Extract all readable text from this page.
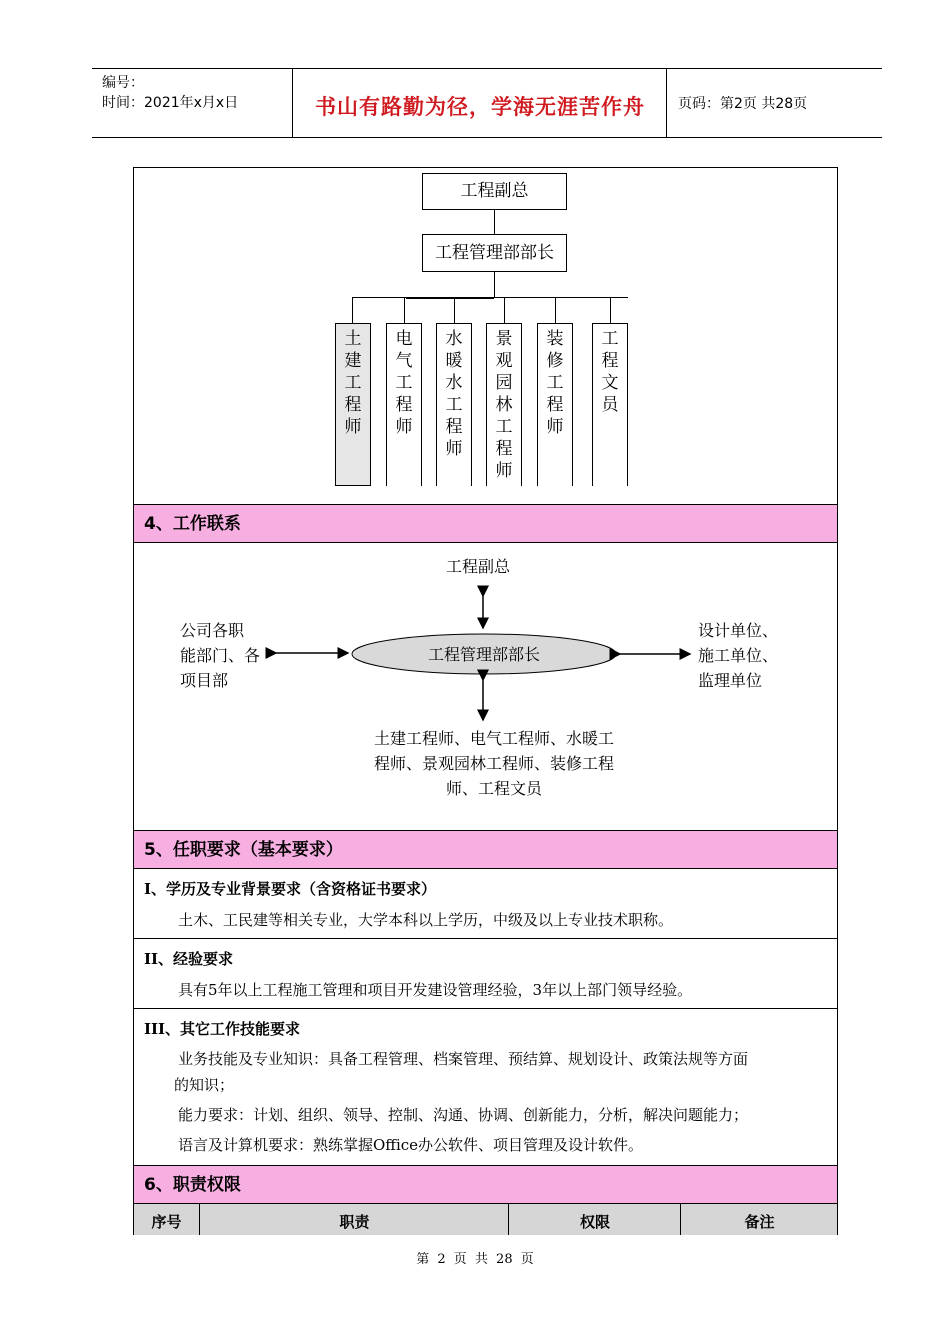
编号：
时间：2021年x月x日	书山有路勤为径，学海无涯苦作舟	页码：第2页 共28页
工程副总
工程管理部部长
土
建
工
程
师
电
气
工
程
师
水
暖
水
工
程
师
景
观
园
林
工
程
师
装
修
工
程
师
工
程
文
员
4、工作联系
工程副总
公司各职
能部门、各
项目部
设计单位、
施工单位、
监理单位
土建工程师、电气工程师、水暖工
程师、景观园林工程师、装修工程
师、工程文员
工程管理部部长
5、任职要求（基本要求）
I、学历及专业背景要求（含资格证书要求）
土木、工民建等相关专业，大学本科以上学历，中级及以上专业技术职称。
II、经验要求
具有5年以上工程施工管理和项目开发建设管理经验，3年以上部门领导经验。
III、其它工作技能要求
业务技能及专业知识：具备工程管理、档案管理、预结算、规划设计、政策法规等方面
的知识；
能力要求：计划、组织、领导、控制、沟通、协调、创新能力，分析，解决问题能力；
语言及计算机要求：熟练掌握Office办公软件、项目管理及设计软件。
6、职责权限
序号	职责	权限	备注
第 2 页 共 28 页
